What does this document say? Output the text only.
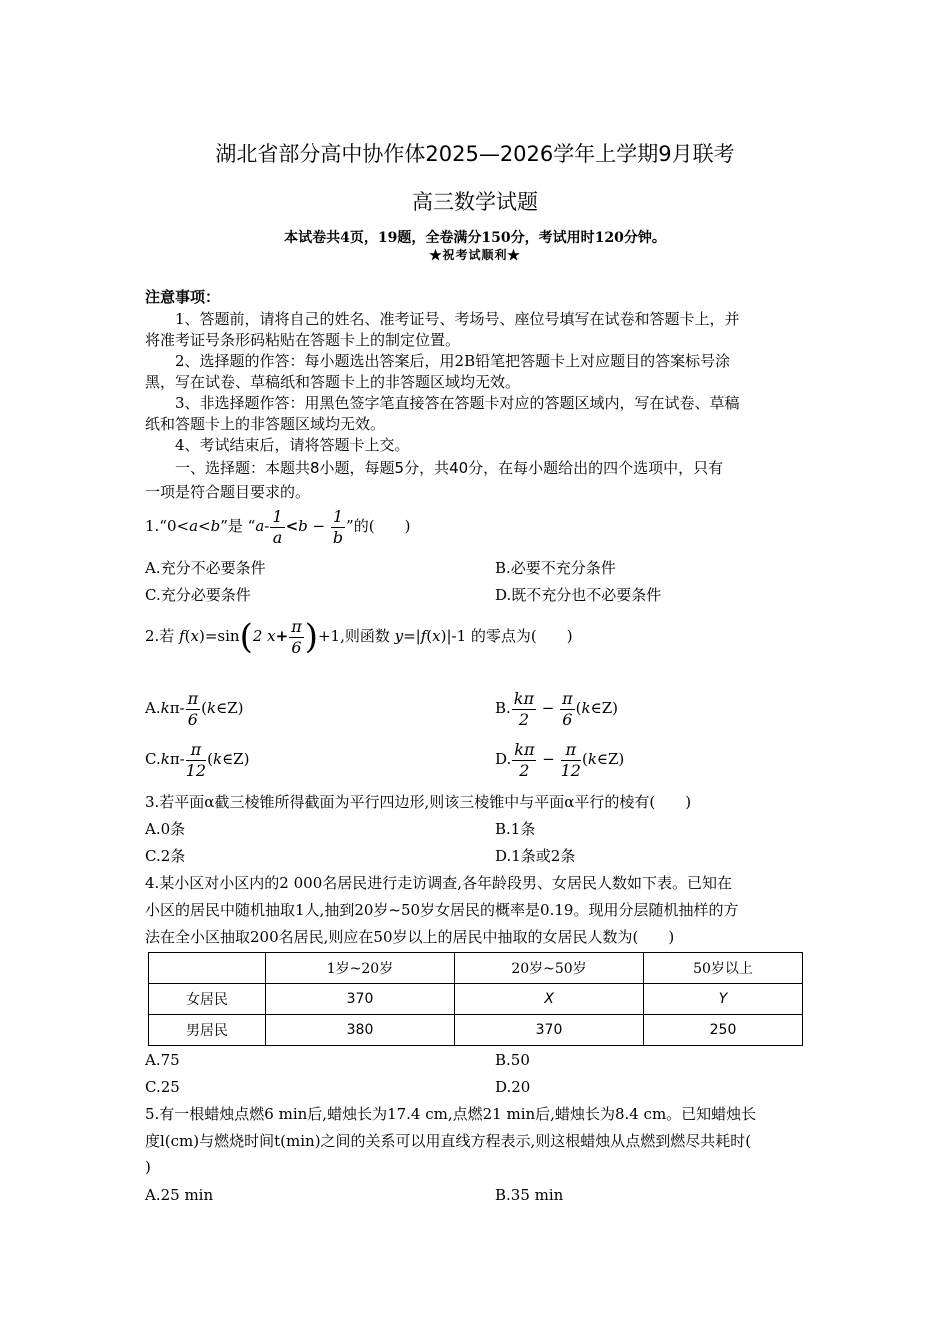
湖北省部分高中协作体2025—2026学年上学期9月联考
高三数学试题
本试卷共4页，19题，全卷满分150分，考试用时120分钟。
★祝考试顺利★
注意事项：
1、答题前，请将自己的姓名、准考证号、考场号、座位号填写在试卷和答题卡上，并
将准考证号条形码粘贴在答题卡上的制定位置。
2、选择题的作答：每小题选出答案后，用2B铅笔把答题卡上对应题目的答案标号涂
黑，写在试卷、草稿纸和答题卡上的非答题区域均无效。
3、非选择题作答：用黑色签字笔直接答在答题卡对应的答题区域内，写在试卷、草稿
纸和答题卡上的非答题区域均无效。
4、考试结束后，请将答题卡上交。
一、选择题：本题共8小题，每题5分，共40分，在每小题给出的四个选项中，只有
一项是符合题目要求的。
1.“0<a<b”是 “$a- \frac{1}{a} <b - \frac{1}{b}$ ”的(　　)
A.充分不必要条件	B.必要不充分条件
C.充分必要条件	D.既不充分也不必要条件
2.若 f(x)=sin(2 $x+ \frac{\pi}{6} )+1$,则函数 y=|f(x)|-1 的零点为(　　)
$A.k\pi- \frac{\pi}{6}$ (k∈Z)	B. $\frac{k\pi}{2} - \frac{\pi}{6}$ (k∈Z)
$C.k\pi- \frac{\pi}{12}$ (k∈Z)	D. $\frac{k\pi}{2} - \frac{\pi}{12}$ (k∈Z)
3.若平面α截三棱锥所得截面为平行四边形,则该三棱锥中与平面α平行的棱有(　　)
A.0条	B.1条
C.2条	D.1条或2条
4.某小区对小区内的2 000名居民进行走访调查,各年龄段男、女居民人数如下表。已知在
小区的居民中随机抽取1人,抽到20岁~50岁女居民的概率是0.19。现用分层随机抽样的方
法在全小区抽取200名居民,则应在50岁以上的居民中抽取的女居民人数为(　　)
	1岁~20岁	20岁~50岁	50岁以上
女居民	370	X	Y
男居民	380	370	250
A.75	B.50
C.25	D.20
5.有一根蜡烛点燃6 min后,蜡烛长为17.4 cm,点燃21 min后,蜡烛长为8.4 cm。已知蜡烛长
度l(cm)与燃烧时间t(min)之间的关系可以用直线方程表示,则这根蜡烛从点燃到燃尽共耗时(
)
A.25 min	B.35 min
